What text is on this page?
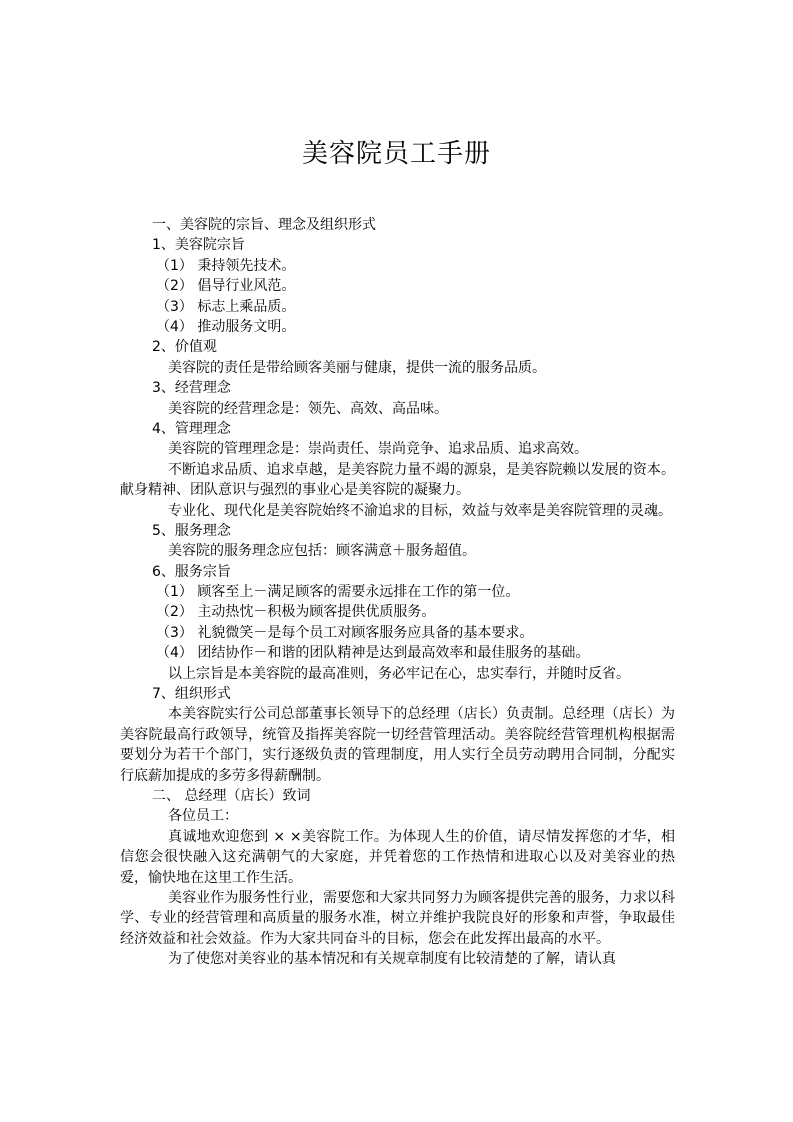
美容院员工手册
一、美容院的宗旨、理念及组织形式
1、美容院宗旨
（1） 秉持领先技术。
（2） 倡导行业风范。
（3） 标志上乘品质。
（4） 推动服务文明。
2、价值观
美容院的责任是带给顾客美丽与健康，提供一流的服务品质。
3、经营理念
美容院的经营理念是：领先、高效、高品味。
4、管理理念
美容院的管理理念是：崇尚责任、崇尚竞争、追求品质、追求高效。
不断追求品质、追求卓越，是美容院力量不竭的源泉，是美容院赖以发展的资本。献身精神、团队意识与强烈的事业心是美容院的凝聚力。
专业化、现代化是美容院始终不渝追求的目标，效益与效率是美容院管理的灵魂。
5、服务理念
美容院的服务理念应包括：顾客满意＋服务超值。
6、服务宗旨
（1） 顾客至上－满足顾客的需要永远排在工作的第一位。
（2） 主动热忱－积极为顾客提供优质服务。
（3） 礼貌微笑－是每个员工对顾客服务应具备的基本要求。
（4） 团结协作－和谐的团队精神是达到最高效率和最佳服务的基础。
以上宗旨是本美容院的最高准则，务必牢记在心，忠实奉行，并随时反省。
7、组织形式
本美容院实行公司总部董事长领导下的总经理（店长）负责制。总经理（店长）为美容院最高行政领导，统管及指挥美容院一切经营管理活动。美容院经营管理机构根据需要划分为若干个部门，实行逐级负责的管理制度，用人实行全员劳动聘用合同制，分配实行底薪加提成的多劳多得薪酬制。
二、 总经理（店长）致词
各位员工：
真诚地欢迎您到 × ×美容院工作。为体现人生的价值，请尽情发挥您的才华，相信您会很快融入这充满朝气的大家庭，并凭着您的工作热情和进取心以及对美容业的热爱，愉快地在这里工作生活。
美容业作为服务性行业，需要您和大家共同努力为顾客提供完善的服务，力求以科学、专业的经营管理和高质量的服务水准，树立并维护我院良好的形象和声誉，争取最佳经济效益和社会效益。作为大家共同奋斗的目标，您会在此发挥出最高的水平。
为了使您对美容业的基本情况和有关规章制度有比较清楚的了解，请认真
